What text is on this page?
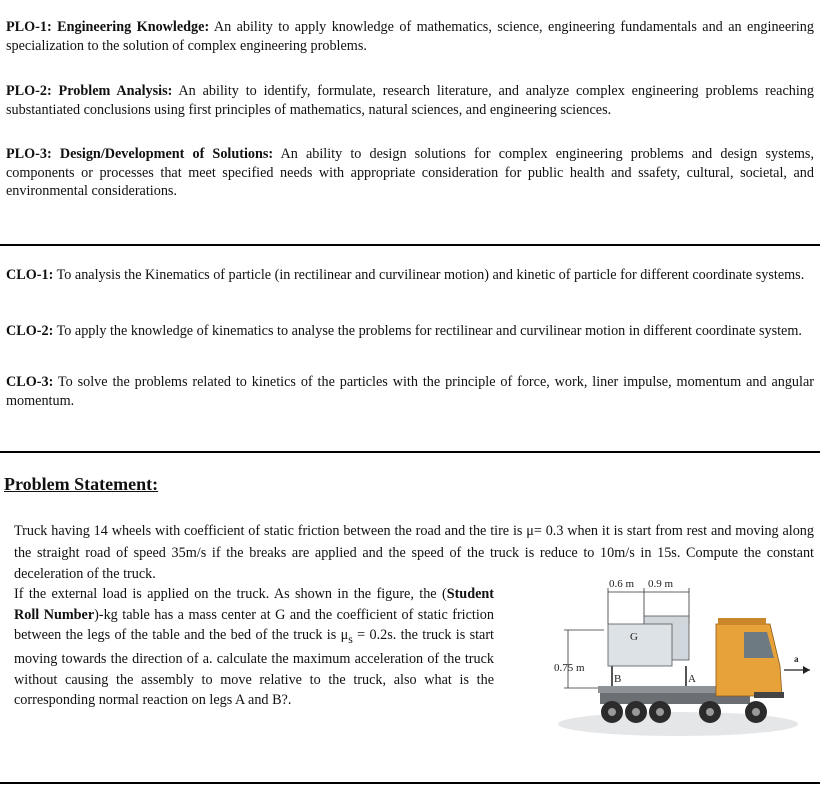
PLO-1: Engineering Knowledge: An ability to apply knowledge of mathematics, science, engineering fundamentals and an engineering specialization to the solution of complex engineering problems.
PLO-2: Problem Analysis: An ability to identify, formulate, research literature, and analyze complex engineering problems reaching substantiated conclusions using first principles of mathematics, natural sciences, and engineering sciences.
PLO-3: Design/Development of Solutions: An ability to design solutions for complex engineering problems and design systems, components or processes that meet specified needs with appropriate consideration for public health and ssafety, cultural, societal, and environmental considerations.
CLO-1: To analysis the Kinematics of particle (in rectilinear and curvilinear motion) and kinetic of particle for different coordinate systems.
CLO-2: To apply the knowledge of kinematics to analyse the problems for rectilinear and curvilinear motion in different coordinate system.
CLO-3: To solve the problems related to kinetics of the particles with the principle of force, work, liner impulse, momentum and angular momentum.
Problem Statement:
Truck having 14 wheels with coefficient of static friction between the road and the tire is μ= 0.3 when it is start from rest and moving along the straight road of speed 35m/s if the breaks are applied and the speed of the truck is reduce to 10m/s in 15s. Compute the constant deceleration of the truck.
If the external load is applied on the truck. As shown in the figure, the (Student Roll Number)-kg table has a mass center at G and the coefficient of static friction between the legs of the table and the bed of the truck is $\mu_s = 0.2s$. the truck is start moving towards the direction of a. calculate the maximum acceleration of the truck without causing the assembly to move relative to the truck, also what is the corresponding normal reaction on legs A and B?.
0.6 m 0.9 m
0.75 m
G
B	A
a
